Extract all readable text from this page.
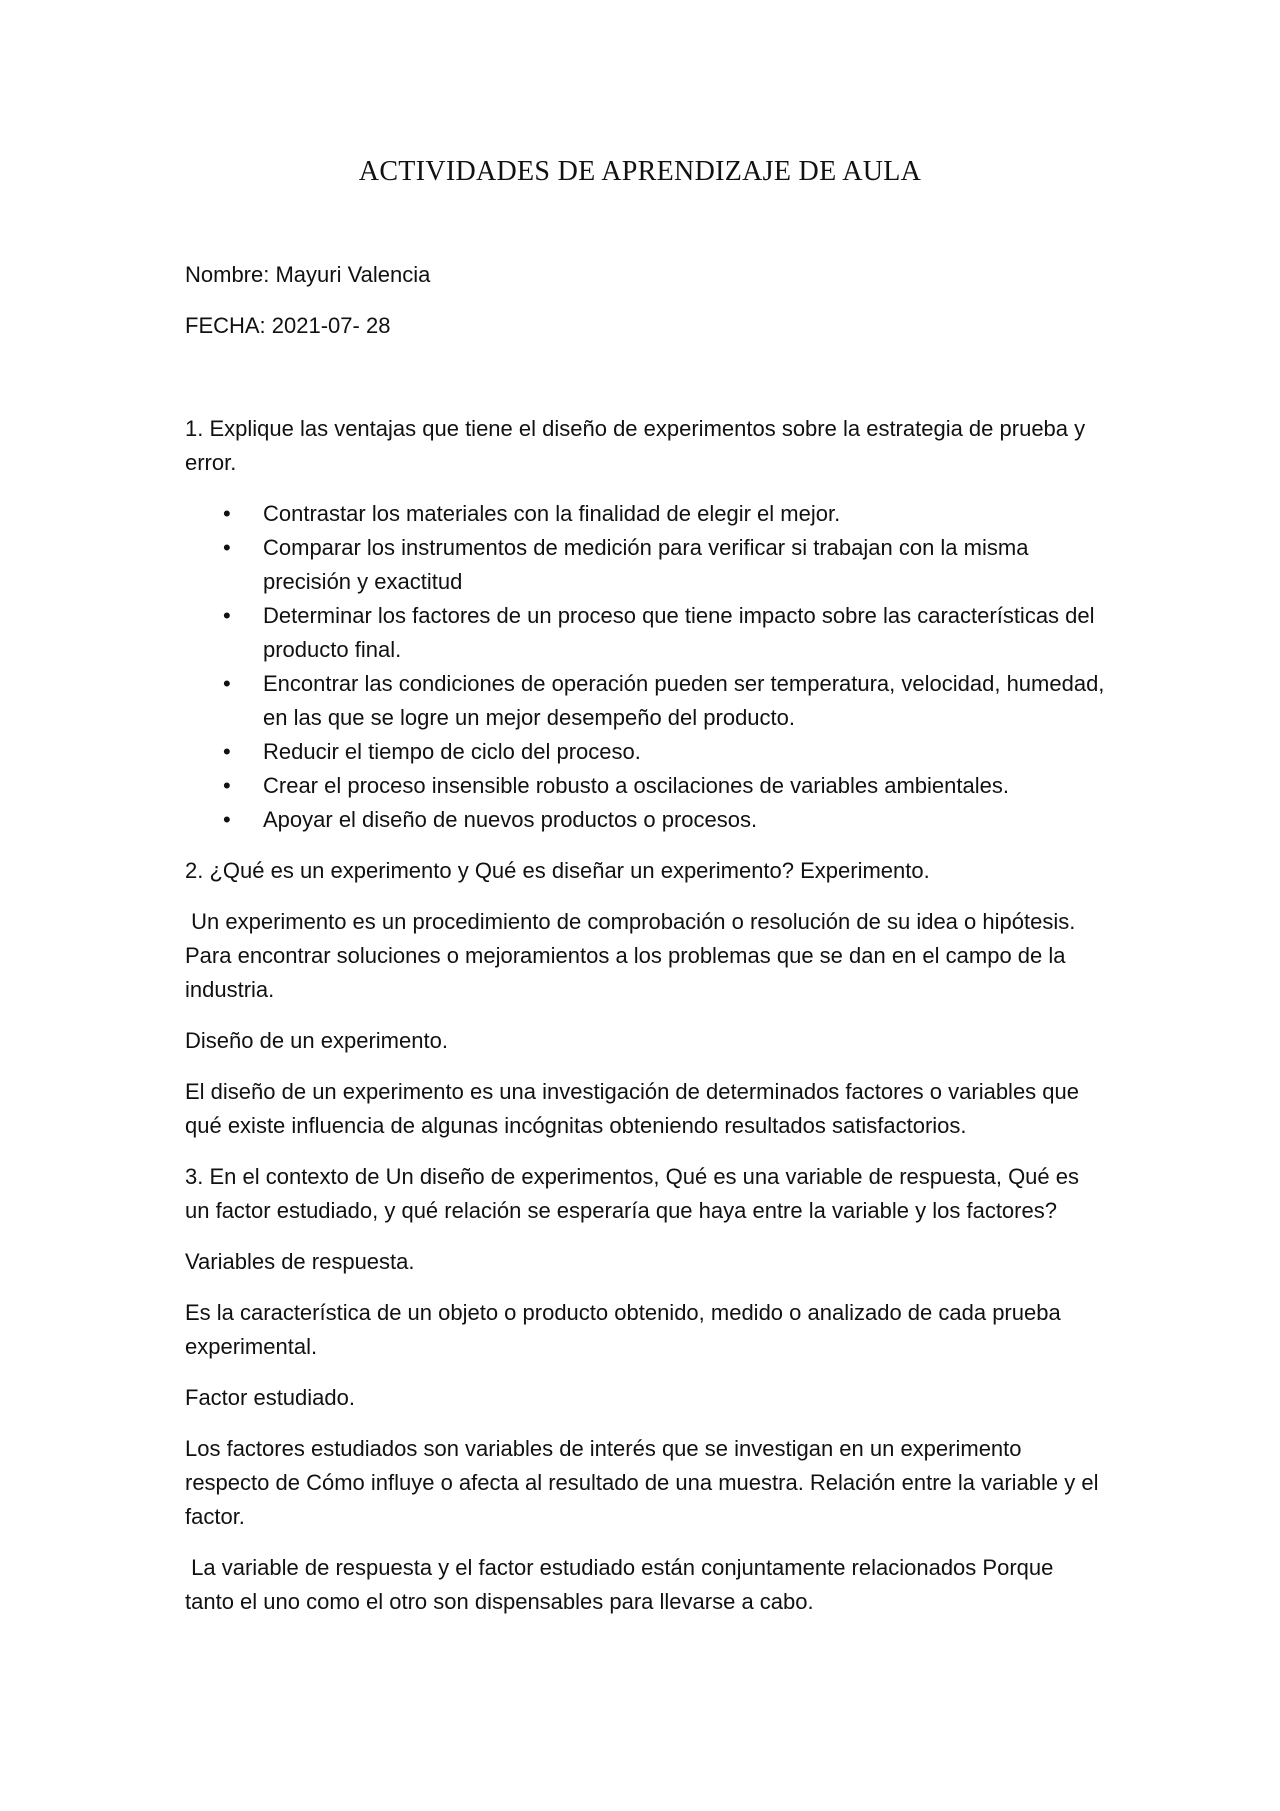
ACTIVIDADES DE APRENDIZAJE DE AULA

Nombre: Mayuri Valencia

FECHA: 2021-07- 28

1. Explique las ventajas que tiene el diseño de experimentos sobre la estrategia de prueba y error.

• Contrastar los materiales con la finalidad de elegir el mejor.
• Comparar los instrumentos de medición para verificar si trabajan con la misma precisión y exactitud
• Determinar los factores de un proceso que tiene impacto sobre las características del producto final.
• Encontrar las condiciones de operación pueden ser temperatura, velocidad, humedad, en las que se logre un mejor desempeño del producto.
• Reducir el tiempo de ciclo del proceso.
• Crear el proceso insensible robusto a oscilaciones de variables ambientales.
• Apoyar el diseño de nuevos productos o procesos.

2. ¿Qué es un experimento y Qué es diseñar un experimento? Experimento.

Un experimento es un procedimiento de comprobación o resolución de su idea o hipótesis. Para encontrar soluciones o mejoramientos a los problemas que se dan en el campo de la industria.

Diseño de un experimento.

El diseño de un experimento es una investigación de determinados factores o variables que qué existe influencia de algunas incógnitas obteniendo resultados satisfactorios.

3. En el contexto de Un diseño de experimentos, Qué es una variable de respuesta, Qué es un factor estudiado, y qué relación se esperaría que haya entre la variable y los factores?

Variables de respuesta.

Es la característica de un objeto o producto obtenido, medido o analizado de cada prueba experimental.

Factor estudiado.

Los factores estudiados son variables de interés que se investigan en un experimento respecto de Cómo influye o afecta al resultado de una muestra. Relación entre la variable y el factor.

La variable de respuesta y el factor estudiado están conjuntamente relacionados Porque tanto el uno como el otro son dispensables para llevarse a cabo.
